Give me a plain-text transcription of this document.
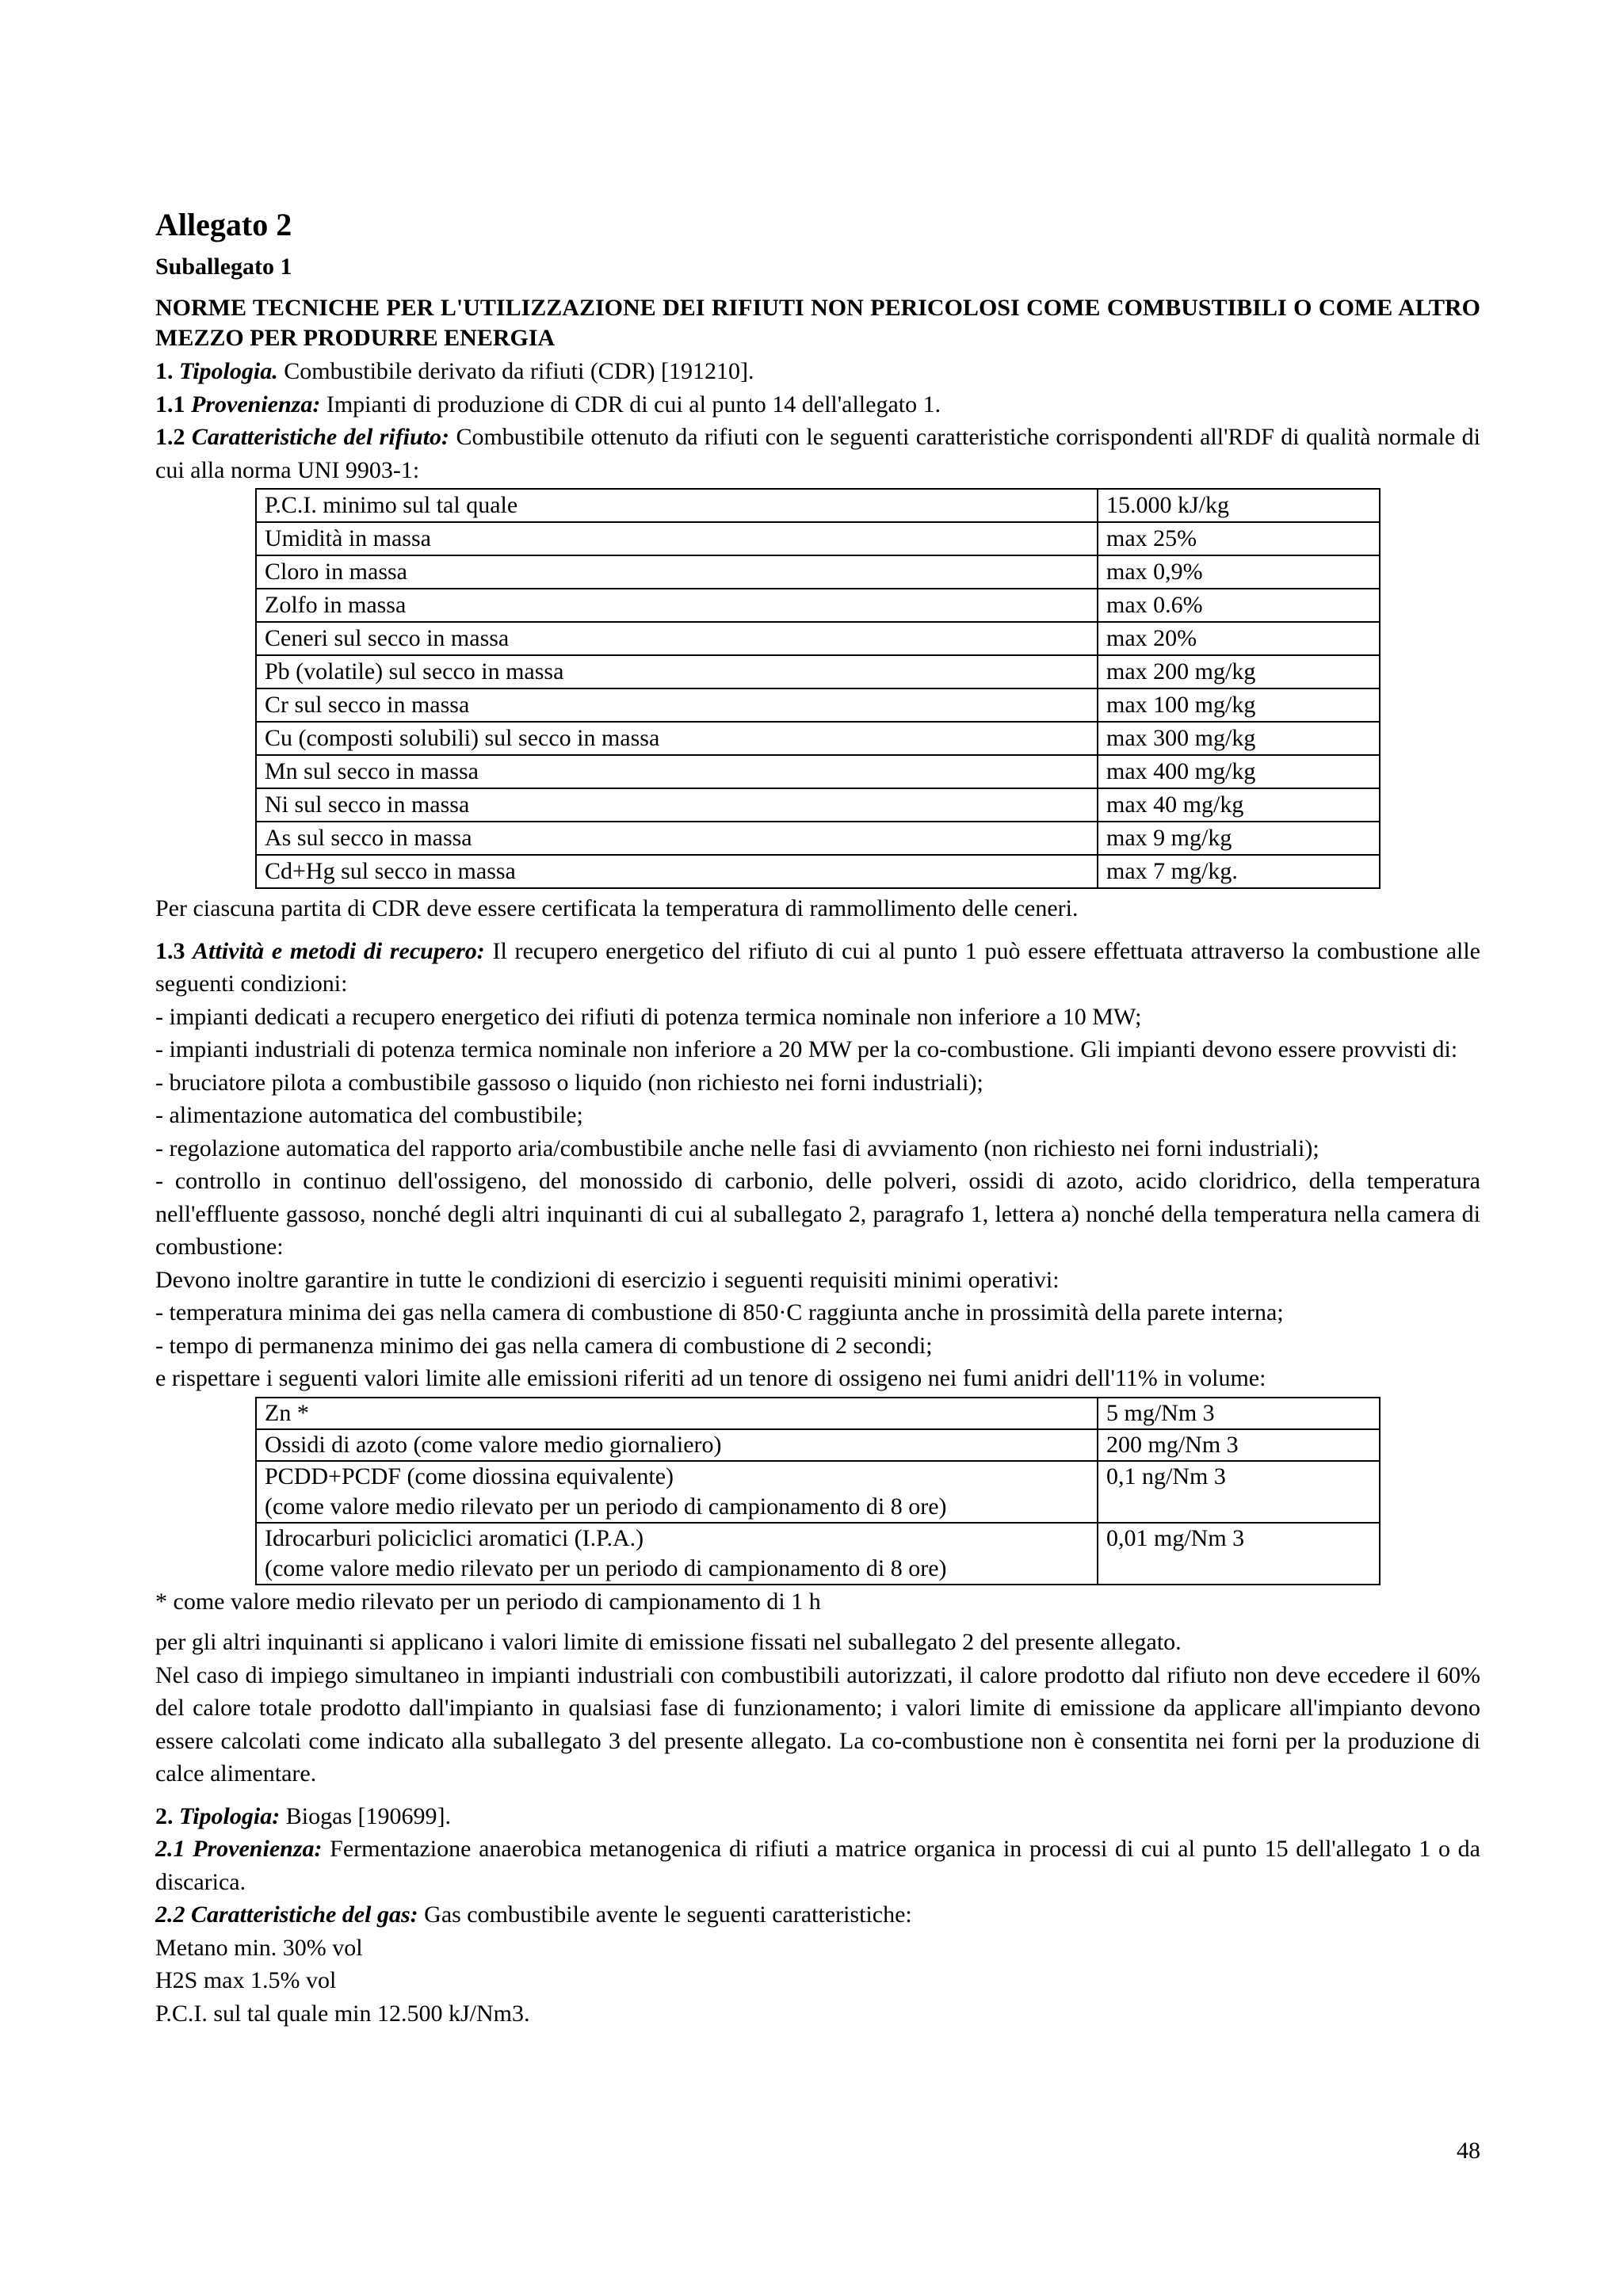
Allegato 2
Suballegato 1
NORME TECNICHE PER L'UTILIZZAZIONE DEI RIFIUTI NON PERICOLOSI COME COMBUSTIBILI O COME ALTRO MEZZO PER PRODURRE ENERGIA

1. Tipologia. Combustibile derivato da rifiuti (CDR) [191210].

1.1 Provenienza: Impianti di produzione di CDR di cui al punto 14 dell'allegato 1.

1.2 Caratteristiche del rifiuto: Combustibile ottenuto da rifiuti con le seguenti caratteristiche corrispondenti all'RDF di qualità normale di cui alla norma UNI 9903-1:

P.C.I. minimo sul tal quale	15.000 kJ/kg
Umidità in massa	max 25%
Cloro in massa	max 0,9%
Zolfo in massa	max 0.6%
Ceneri sul secco in massa	max 20%
Pb (volatile) sul secco in massa	max 200 mg/kg
Cr sul secco in massa	max 100 mg/kg
Cu (composti solubili) sul secco in massa	max 300 mg/kg
Mn sul secco in massa	max 400 mg/kg
Ni sul secco in massa	max 40 mg/kg
As sul secco in massa	max 9 mg/kg
Cd+Hg sul secco in massa	max 7 mg/kg.

Per ciascuna partita di CDR deve essere certificata la temperatura di rammollimento delle ceneri.

1.3 Attività e metodi di recupero: Il recupero energetico del rifiuto di cui al punto 1 può essere effettuata attraverso la combustione alle seguenti condizioni:

- impianti dedicati a recupero energetico dei rifiuti di potenza termica nominale non inferiore a 10 MW;

- impianti industriali di potenza termica nominale non inferiore a 20 MW per la co-combustione. Gli impianti devono essere provvisti di:

- bruciatore pilota a combustibile gassoso o liquido (non richiesto nei forni industriali);

- alimentazione automatica del combustibile;

- regolazione automatica del rapporto aria/combustibile anche nelle fasi di avviamento (non richiesto nei forni industriali);

- controllo in continuo dell'ossigeno, del monossido di carbonio, delle polveri, ossidi di azoto, acido cloridrico, della temperatura nell'effluente gassoso, nonché degli altri inquinanti di cui al suballegato 2, paragrafo 1, lettera a) nonché della temperatura nella camera di combustione:

Devono inoltre garantire in tutte le condizioni di esercizio i seguenti requisiti minimi operativi:

- temperatura minima dei gas nella camera di combustione di 850·C raggiunta anche in prossimità della parete interna;

- tempo di permanenza minimo dei gas nella camera di combustione di 2 secondi;

e rispettare i seguenti valori limite alle emissioni riferiti ad un tenore di ossigeno nei fumi anidri dell'11% in volume:

Zn *	5 mg/Nm 3

Ossidi di azoto (come valore medio giornaliero)	200 mg/Nm 3

PCDD+PCDF (come diossina equivalente)
(come valore medio rilevato per un periodo di campionamento di 8 ore)	0,1 ng/Nm 3

Idrocarburi policiclici aromatici (I.P.A.)
(come valore medio rilevato per un periodo di campionamento di 8 ore)	0,01 mg/Nm 3

* come valore medio rilevato per un periodo di campionamento di 1 h

per gli altri inquinanti si applicano i valori limite di emissione fissati nel suballegato 2 del presente allegato.

Nel caso di impiego simultaneo in impianti industriali con combustibili autorizzati, il calore prodotto dal rifiuto non deve eccedere il 60% del calore totale prodotto dall'impianto in qualsiasi fase di funzionamento; i valori limite di emissione da applicare all'impianto devono essere calcolati come indicato alla suballegato 3 del presente allegato. La co-combustione non è consentita nei forni per la produzione di calce alimentare.

2. Tipologia: Biogas [190699].

2.1 Provenienza: Fermentazione anaerobica metanogenica di rifiuti a matrice organica in processi di cui al punto 15 dell'allegato 1 o da discarica.

2.2 Caratteristiche del gas: Gas combustibile avente le seguenti caratteristiche:

Metano min. 30% vol

H2S max 1.5% vol

P.C.I. sul tal quale min 12.500 kJ/Nm3.

48
